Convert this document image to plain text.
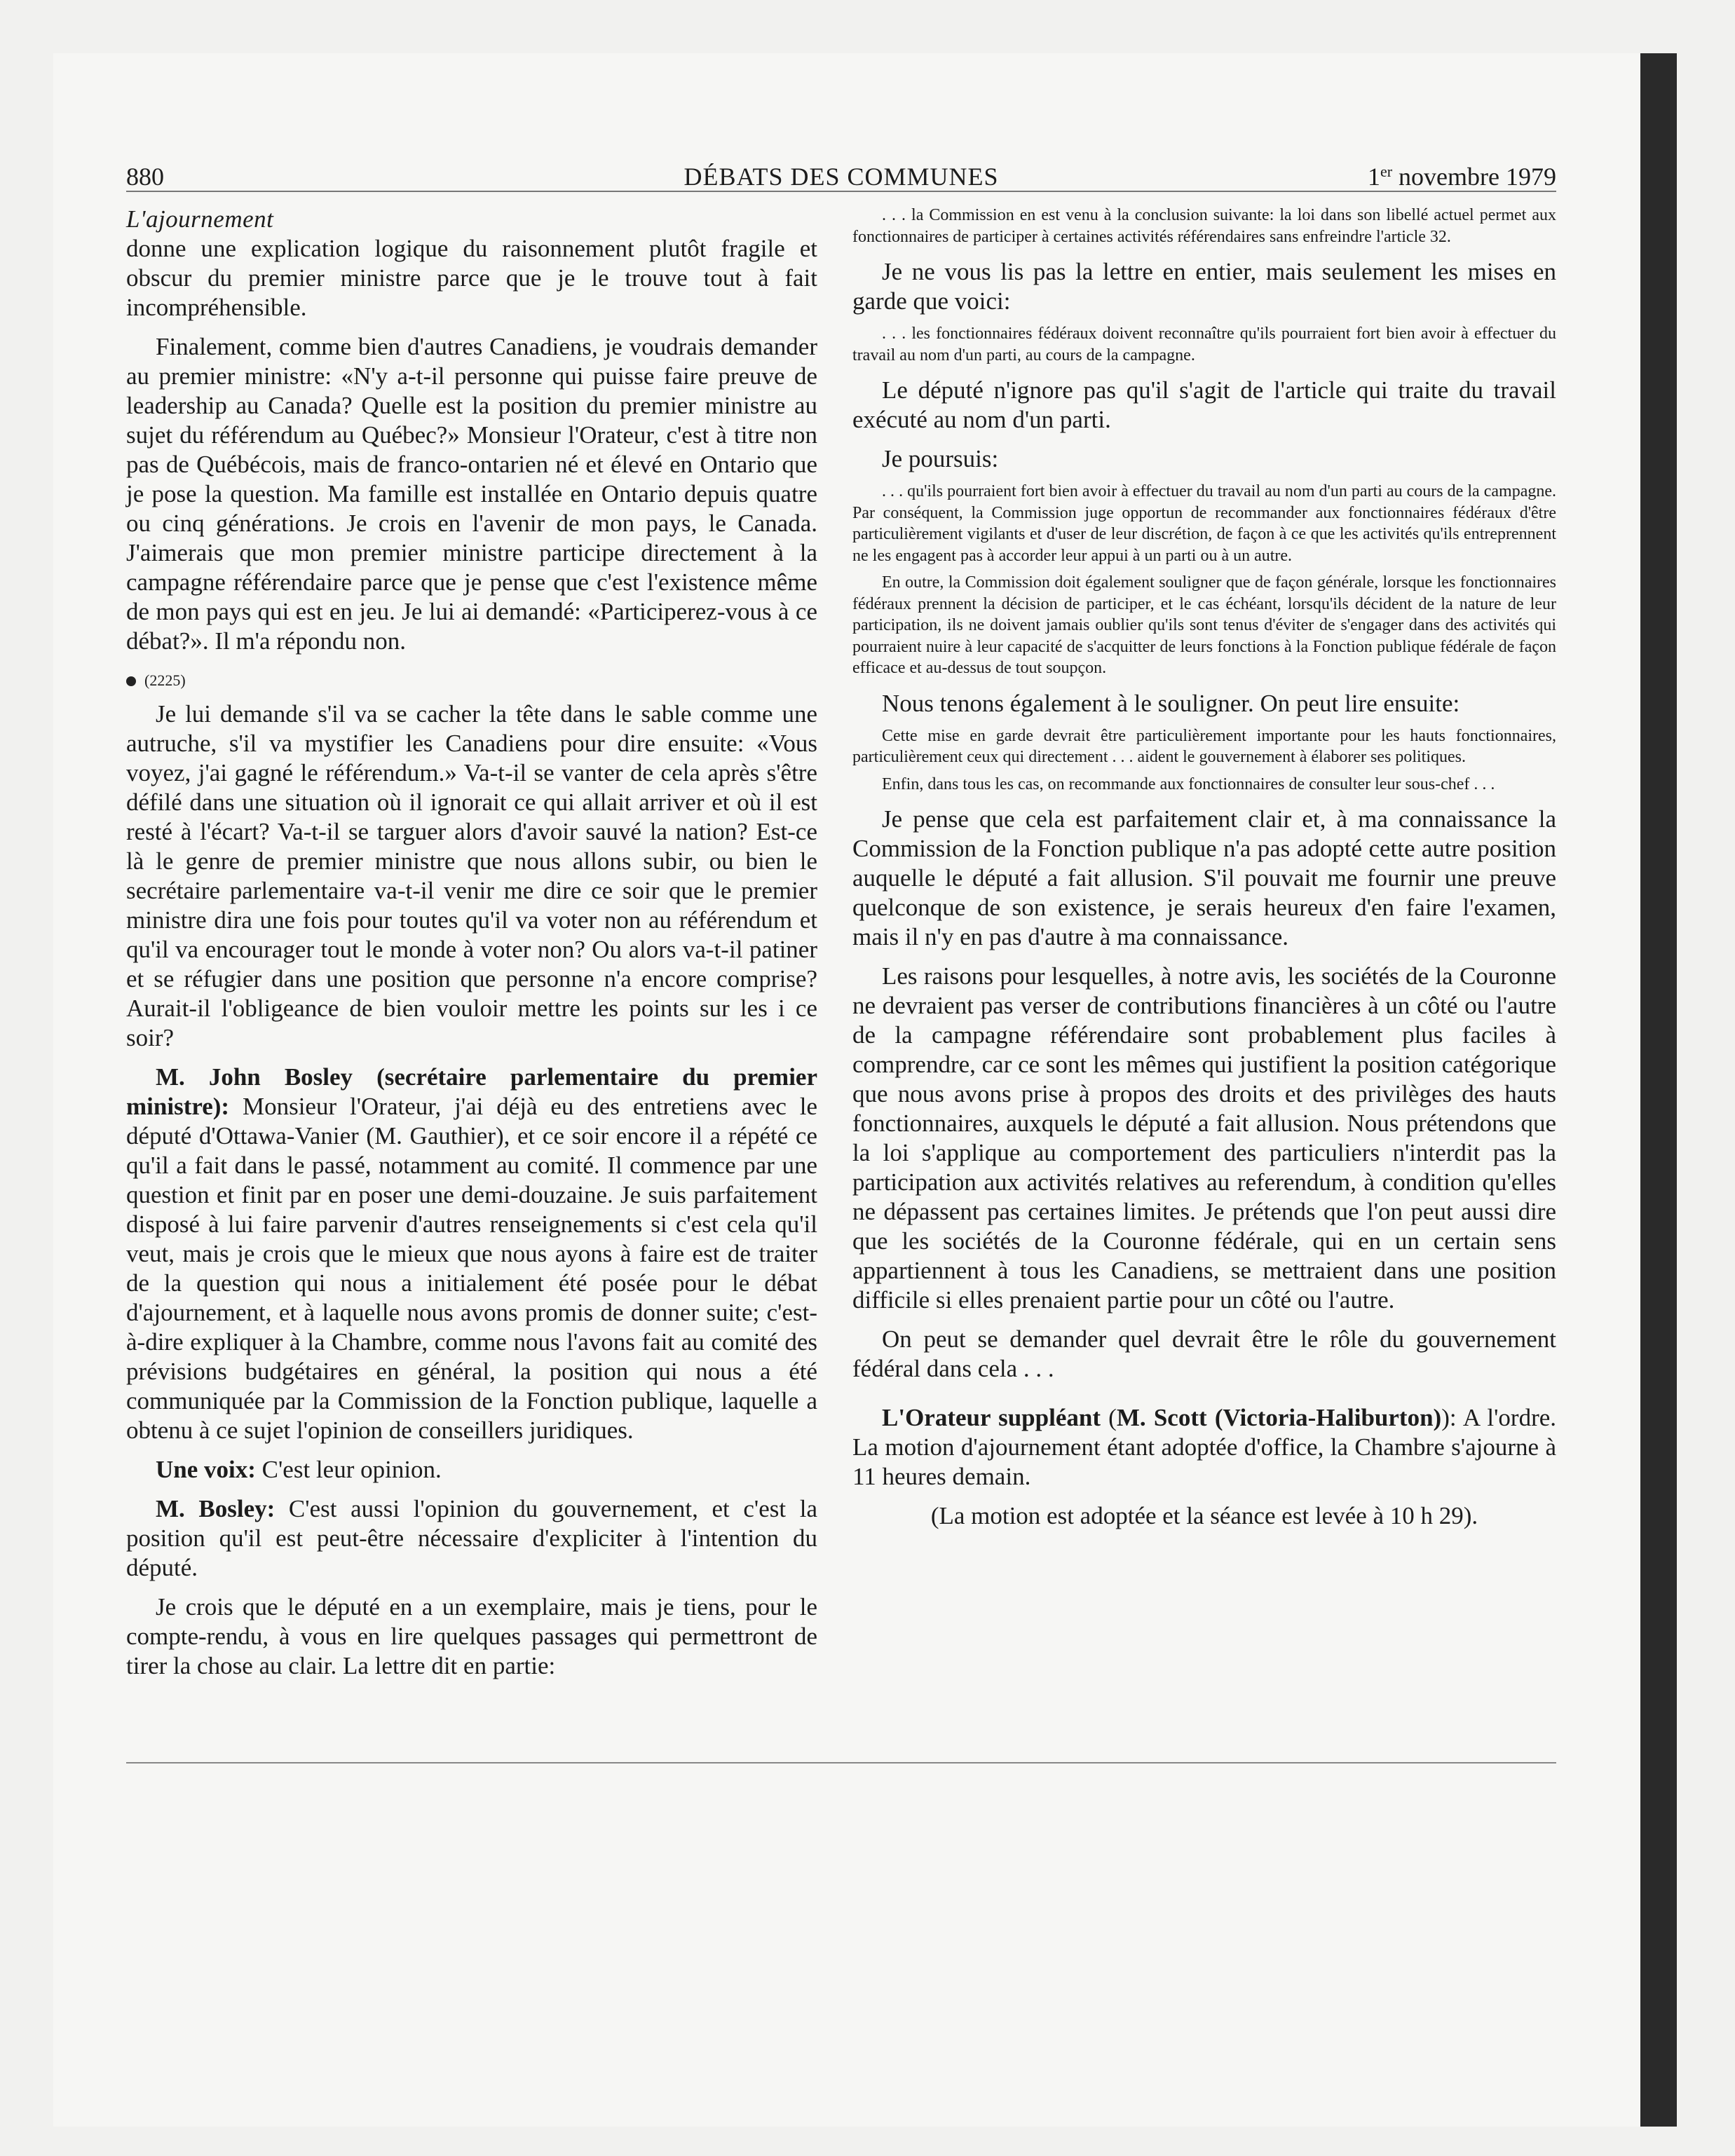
880	DÉBATS DES COMMUNES	1er novembre 1979

L'ajournement

donne une explication logique du raisonnement plutôt fragile et obscur du premier ministre parce que je le trouve tout à fait incompréhensible.

Finalement, comme bien d'autres Canadiens, je voudrais demander au premier ministre: «N'y a-t-il personne qui puisse faire preuve de leadership au Canada? Quelle est la position du premier ministre au sujet du référendum au Québec?» Monsieur l'Orateur, c'est à titre non pas de Québécois, mais de franco-ontarien né et élevé en Ontario que je pose la question. Ma famille est installée en Ontario depuis quatre ou cinq générations. Je crois en l'avenir de mon pays, le Canada. J'aimerais que mon premier ministre participe directement à la campagne référendaire parce que je pense que c'est l'existence même de mon pays qui est en jeu. Je lui ai demandé: «Participerez-vous à ce débat?». Il m'a répondu non.

(2225)

Je lui demande s'il va se cacher la tête dans le sable comme une autruche, s'il va mystifier les Canadiens pour dire ensuite: «Vous voyez, j'ai gagné le référendum.» Va-t-il se vanter de cela après s'être défilé dans une situation où il ignorait ce qui allait arriver et où il est resté à l'écart? Va-t-il se targuer alors d'avoir sauvé la nation? Est-ce là le genre de premier ministre que nous allons subir, ou bien le secrétaire parlementaire va-t-il venir me dire ce soir que le premier ministre dira une fois pour toutes qu'il va voter non au référendum et qu'il va encourager tout le monde à voter non? Ou alors va-t-il patiner et se réfugier dans une position que personne n'a encore comprise? Aurait-il l'obligeance de bien vouloir mettre les points sur les i ce soir?

M. John Bosley (secrétaire parlementaire du premier ministre): Monsieur l'Orateur, j'ai déjà eu des entretiens avec le député d'Ottawa-Vanier (M. Gauthier), et ce soir encore il a répété ce qu'il a fait dans le passé, notamment au comité. Il commence par une question et finit par en poser une demi-douzaine. Je suis parfaitement disposé à lui faire parvenir d'autres renseignements si c'est cela qu'il veut, mais je crois que le mieux que nous ayons à faire est de traiter de la question qui nous a initialement été posée pour le débat d'ajournement, et à laquelle nous avons promis de donner suite; c'est-à-dire expliquer à la Chambre, comme nous l'avons fait au comité des prévisions budgétaires en général, la position qui nous a été communiquée par la Commission de la Fonction publique, laquelle a obtenu à ce sujet l'opinion de conseillers juridiques.

Une voix: C'est leur opinion.

M. Bosley: C'est aussi l'opinion du gouvernement, et c'est la position qu'il est peut-être nécessaire d'expliciter à l'intention du député.

Je crois que le député en a un exemplaire, mais je tiens, pour le compte-rendu, à vous en lire quelques passages qui permettront de tirer la chose au clair. La lettre dit en partie:

. . . la Commission en est venu à la conclusion suivante: la loi dans son libellé actuel permet aux fonctionnaires de participer à certaines activités référendaires sans enfreindre l'article 32.

Je ne vous lis pas la lettre en entier, mais seulement les mises en garde que voici:

. . . les fonctionnaires fédéraux doivent reconnaître qu'ils pourraient fort bien avoir à effectuer du travail au nom d'un parti, au cours de la campagne.

Le député n'ignore pas qu'il s'agit de l'article qui traite du travail exécuté au nom d'un parti.

Je poursuis:

. . . qu'ils pourraient fort bien avoir à effectuer du travail au nom d'un parti au cours de la campagne. Par conséquent, la Commission juge opportun de recommander aux fonctionnaires fédéraux d'être particulièrement vigilants et d'user de leur discrétion, de façon à ce que les activités qu'ils entreprennent ne les engagent pas à accorder leur appui à un parti ou à un autre.

En outre, la Commission doit également souligner que de façon générale, lorsque les fonctionnaires fédéraux prennent la décision de participer, et le cas échéant, lorsqu'ils décident de la nature de leur participation, ils ne doivent jamais oublier qu'ils sont tenus d'éviter de s'engager dans des activités qui pourraient nuire à leur capacité de s'acquitter de leurs fonctions à la Fonction publique fédérale de façon efficace et au-dessus de tout soupçon.

Nous tenons également à le souligner. On peut lire ensuite:

Cette mise en garde devrait être particulièrement importante pour les hauts fonctionnaires, particulièrement ceux qui directement . . . aident le gouvernement à élaborer ses politiques.

Enfin, dans tous les cas, on recommande aux fonctionnaires de consulter leur sous-chef . . .

Je pense que cela est parfaitement clair et, à ma connaissance la Commission de la Fonction publique n'a pas adopté cette autre position auquelle le député a fait allusion. S'il pouvait me fournir une preuve quelconque de son existence, je serais heureux d'en faire l'examen, mais il n'y en pas d'autre à ma connaissance.

Les raisons pour lesquelles, à notre avis, les sociétés de la Couronne ne devraient pas verser de contributions financières à un côté ou l'autre de la campagne référendaire sont probablement plus faciles à comprendre, car ce sont les mêmes qui justifient la position catégorique que nous avons prise à propos des droits et des privilèges des hauts fonctionnaires, auxquels le député a fait allusion. Nous prétendons que la loi s'applique au comportement des particuliers n'interdit pas la participation aux activités relatives au referendum, à condition qu'elles ne dépassent pas certaines limites. Je prétends que l'on peut aussi dire que les sociétés de la Couronne fédérale, qui en un certain sens appartiennent à tous les Canadiens, se mettraient dans une position difficile si elles prenaient partie pour un côté ou l'autre.

On peut se demander quel devrait être le rôle du gouvernement fédéral dans cela . . .

L'Orateur suppléant (M. Scott (Victoria-Haliburton)): A l'ordre. La motion d'ajournement étant adoptée d'office, la Chambre s'ajourne à 11 heures demain.

(La motion est adoptée et la séance est levée à 10 h 29).
